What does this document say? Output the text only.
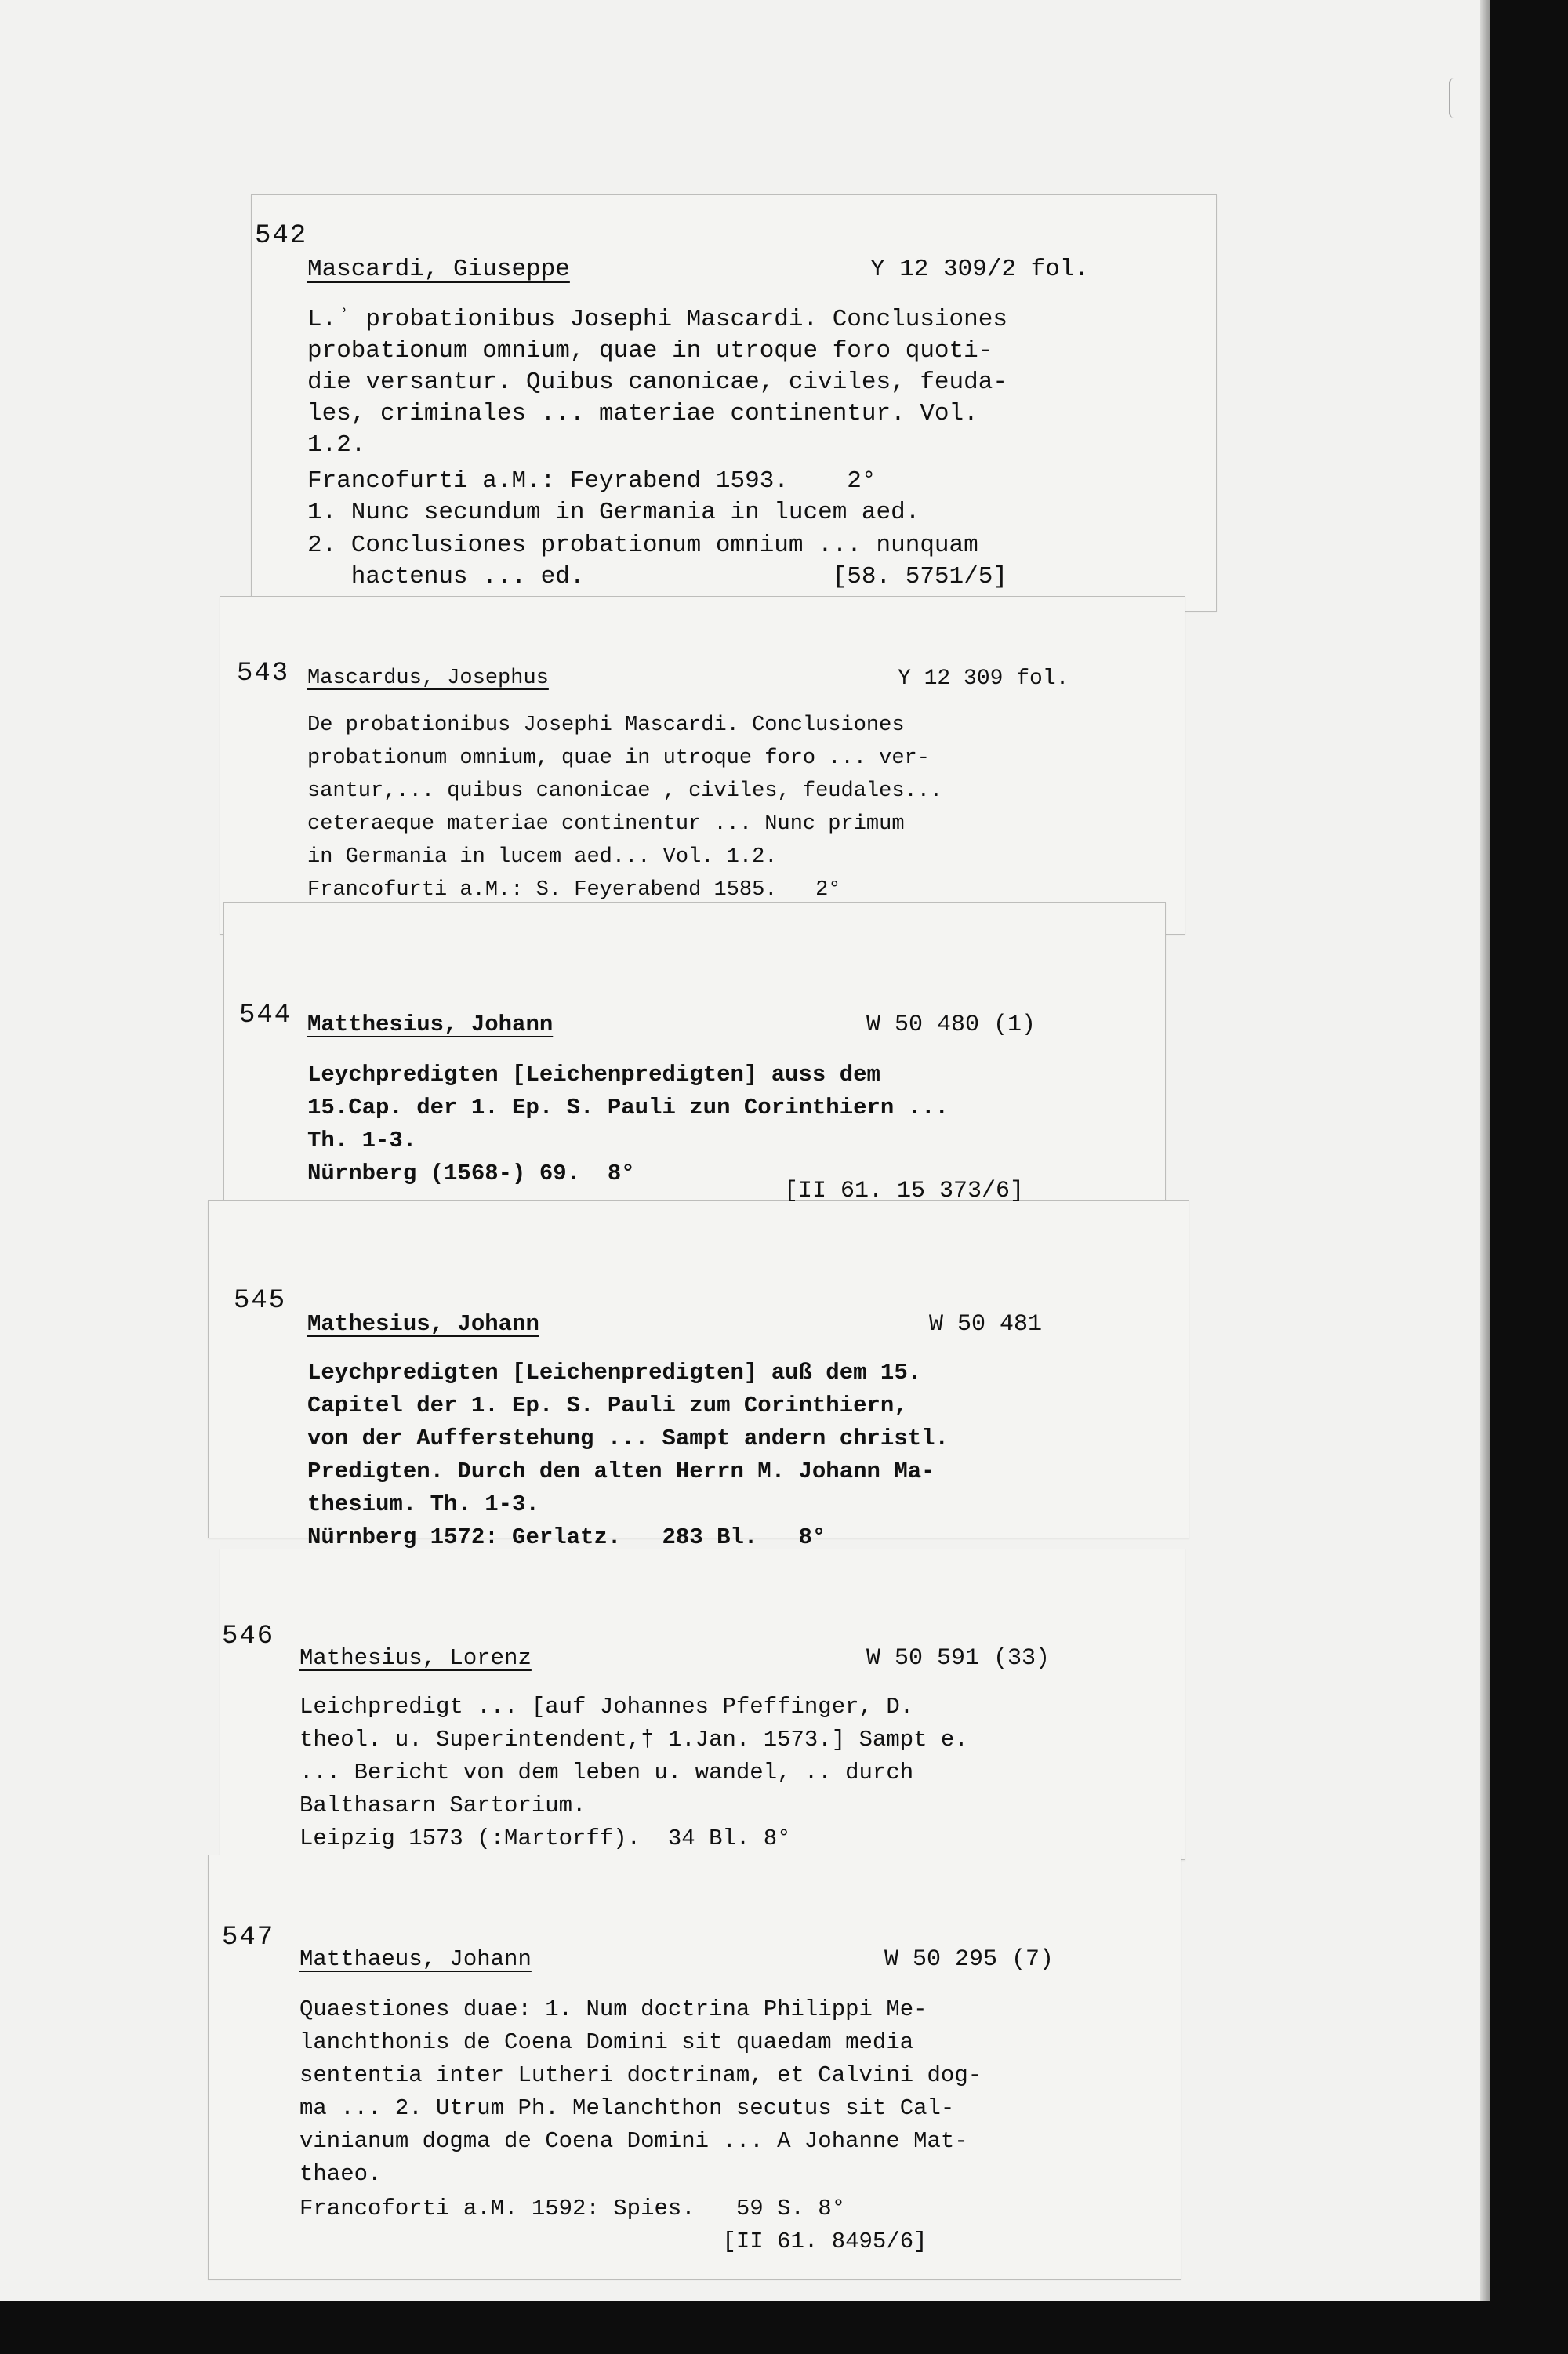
542
Mascardi, Giuseppe	Y 12 309/2 fol.
L.ʾ probationibus Josephi Mascardi. Conclusiones
probationum omnium, quae in utroque foro quoti-
die versantur. Quibus canonicae, civiles, feuda-
les, criminales ... materiae continentur. Vol.
1.2.
Francofurti a.M.: Feyrabend 1593.    2°
1. Nunc secundum in Germania in lucem aed.
2. Conclusiones probationum omnium ... nunquam
hactenus ... ed.                 [58. 5751/5]
543 Mascardus, Josephus	Y 12 309 fol.
De probationibus Josephi Mascardi. Conclusiones
probationum omnium, quae in utroque foro ... ver-
santur,... quibus canonicae , civiles, feudales...
ceteraeque materiae continentur ... Nunc primum
in Germania in lucem aed... Vol. 1.2.
Francofurti a.M.: S. Feyerabend 1585.   2°
544 Matthesius, Johann	W 50 480 (1)
Leychpredigten [Leichenpredigten] auss dem
15.Cap. der 1. Ep. S. Pauli zun Corinthiern ...
Th. 1-3.
Nürnberg (1568-) 69.  8°
[II 61. 15 373/6]
545
Mathesius, Johann	W 50 481
Leychpredigten [Leichenpredigten] auß dem 15.
Capitel der 1. Ep. S. Pauli zum Corinthiern,
von der Aufferstehung ... Sampt andern christl.
Predigten. Durch den alten Herrn M. Johann Ma-
thesium. Th. 1-3.
Nürnberg 1572: Gerlatz.   283 Bl.   8°
546
Mathesius, Lorenz	W 50 591 (33)
Leichpredigt ... [auf Johannes Pfeffinger, D.
theol. u. Superintendent,† 1.Jan. 1573.] Sampt e.
... Bericht von dem leben u. wandel, .. durch
Balthasarn Sartorium.
Leipzig 1573 (:Martorff).  34 Bl. 8°
547
Matthaeus, Johann	W 50 295 (7)
Quaestiones duae: 1. Num doctrina Philippi Me-
lanchthonis de Coena Domini sit quaedam media
sententia inter Lutheri doctrinam, et Calvini dog-
ma ... 2. Utrum Ph. Melanchthon secutus sit Cal-
vinianum dogma de Coena Domini ... A Johanne Mat-
thaeo.
Francoforti a.M. 1592: Spies.   59 S. 8°
[II 61. 8495/6]
